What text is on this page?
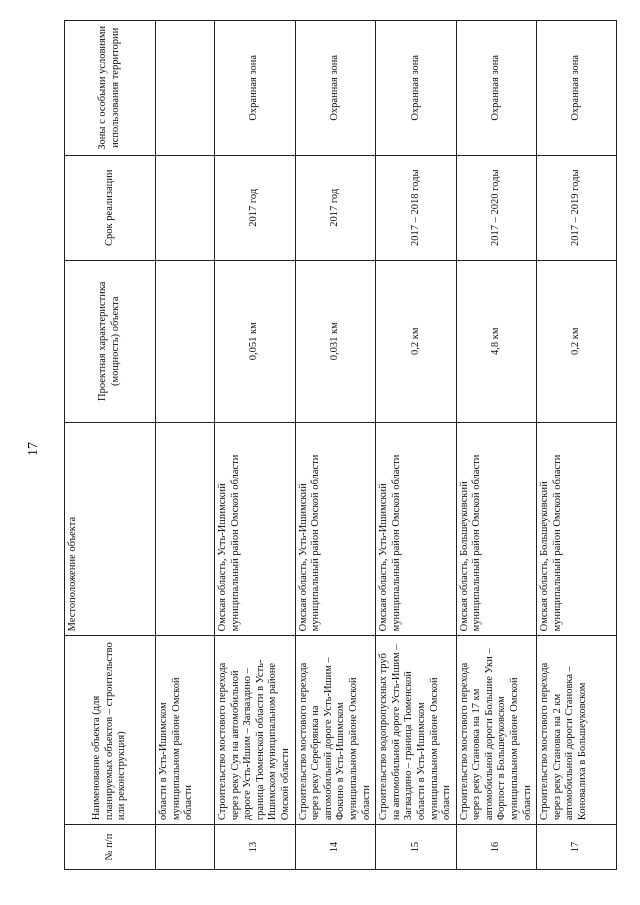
17
№ п/п	Наименование объекта (для планируемых объектов – строительство или реконструкция)	Местоположение объекта	Проектная характеристика (мощность) объекта	Срок реализации	Зоны с особыми условиями использования территории
	области в Усть-Ишимском муниципальном районе Омской области				
13	Строительство мостового перехода через реку Суя на автомобильной дороге Усть-Ишим – Загваздино – граница Тюменской области в Усть-Ишимском муниципальном районе Омской области	Омская область, Усть-Ишимский муниципальный район Омской области	0,051 км	2017 год	Охранная зона
14	Строительство мостового перехода через реку Серебрянка на автомобильной дороге Усть-Ишим – Фокино в Усть-Ишимском муниципальном районе Омской области	Омская область, Усть-Ишимский муниципальный район Омской области	0,031 км	2017 год	Охранная зона
15	Строительство водопропускных труб на автомобильной дороге Усть-Ишим – Загваздино – граница Тюменской области в Усть-Ишимском муниципальном районе Омской области	Омская область, Усть-Ишимский муниципальный район Омской области	0,2 км	2017 – 2018 годы	Охранная зона
16	Строительство мостового перехода через реку Становка на 17 км автомобильной дороги Большие Уки – Форпост в Большеуковском муниципальном районе Омской области	Омская область, Большеуковский муниципальный район Омской области	4,8 км	2017 – 2020 годы	Охранная зона
17	Строительство мостового перехода через реку Становка на 2 км автомобильной дороги Становка – Коновалиха в Большеуковском	Омская область, Большеуковский муниципальный район Омской области	0,2 км	2017 – 2019 годы	Охранная зона
